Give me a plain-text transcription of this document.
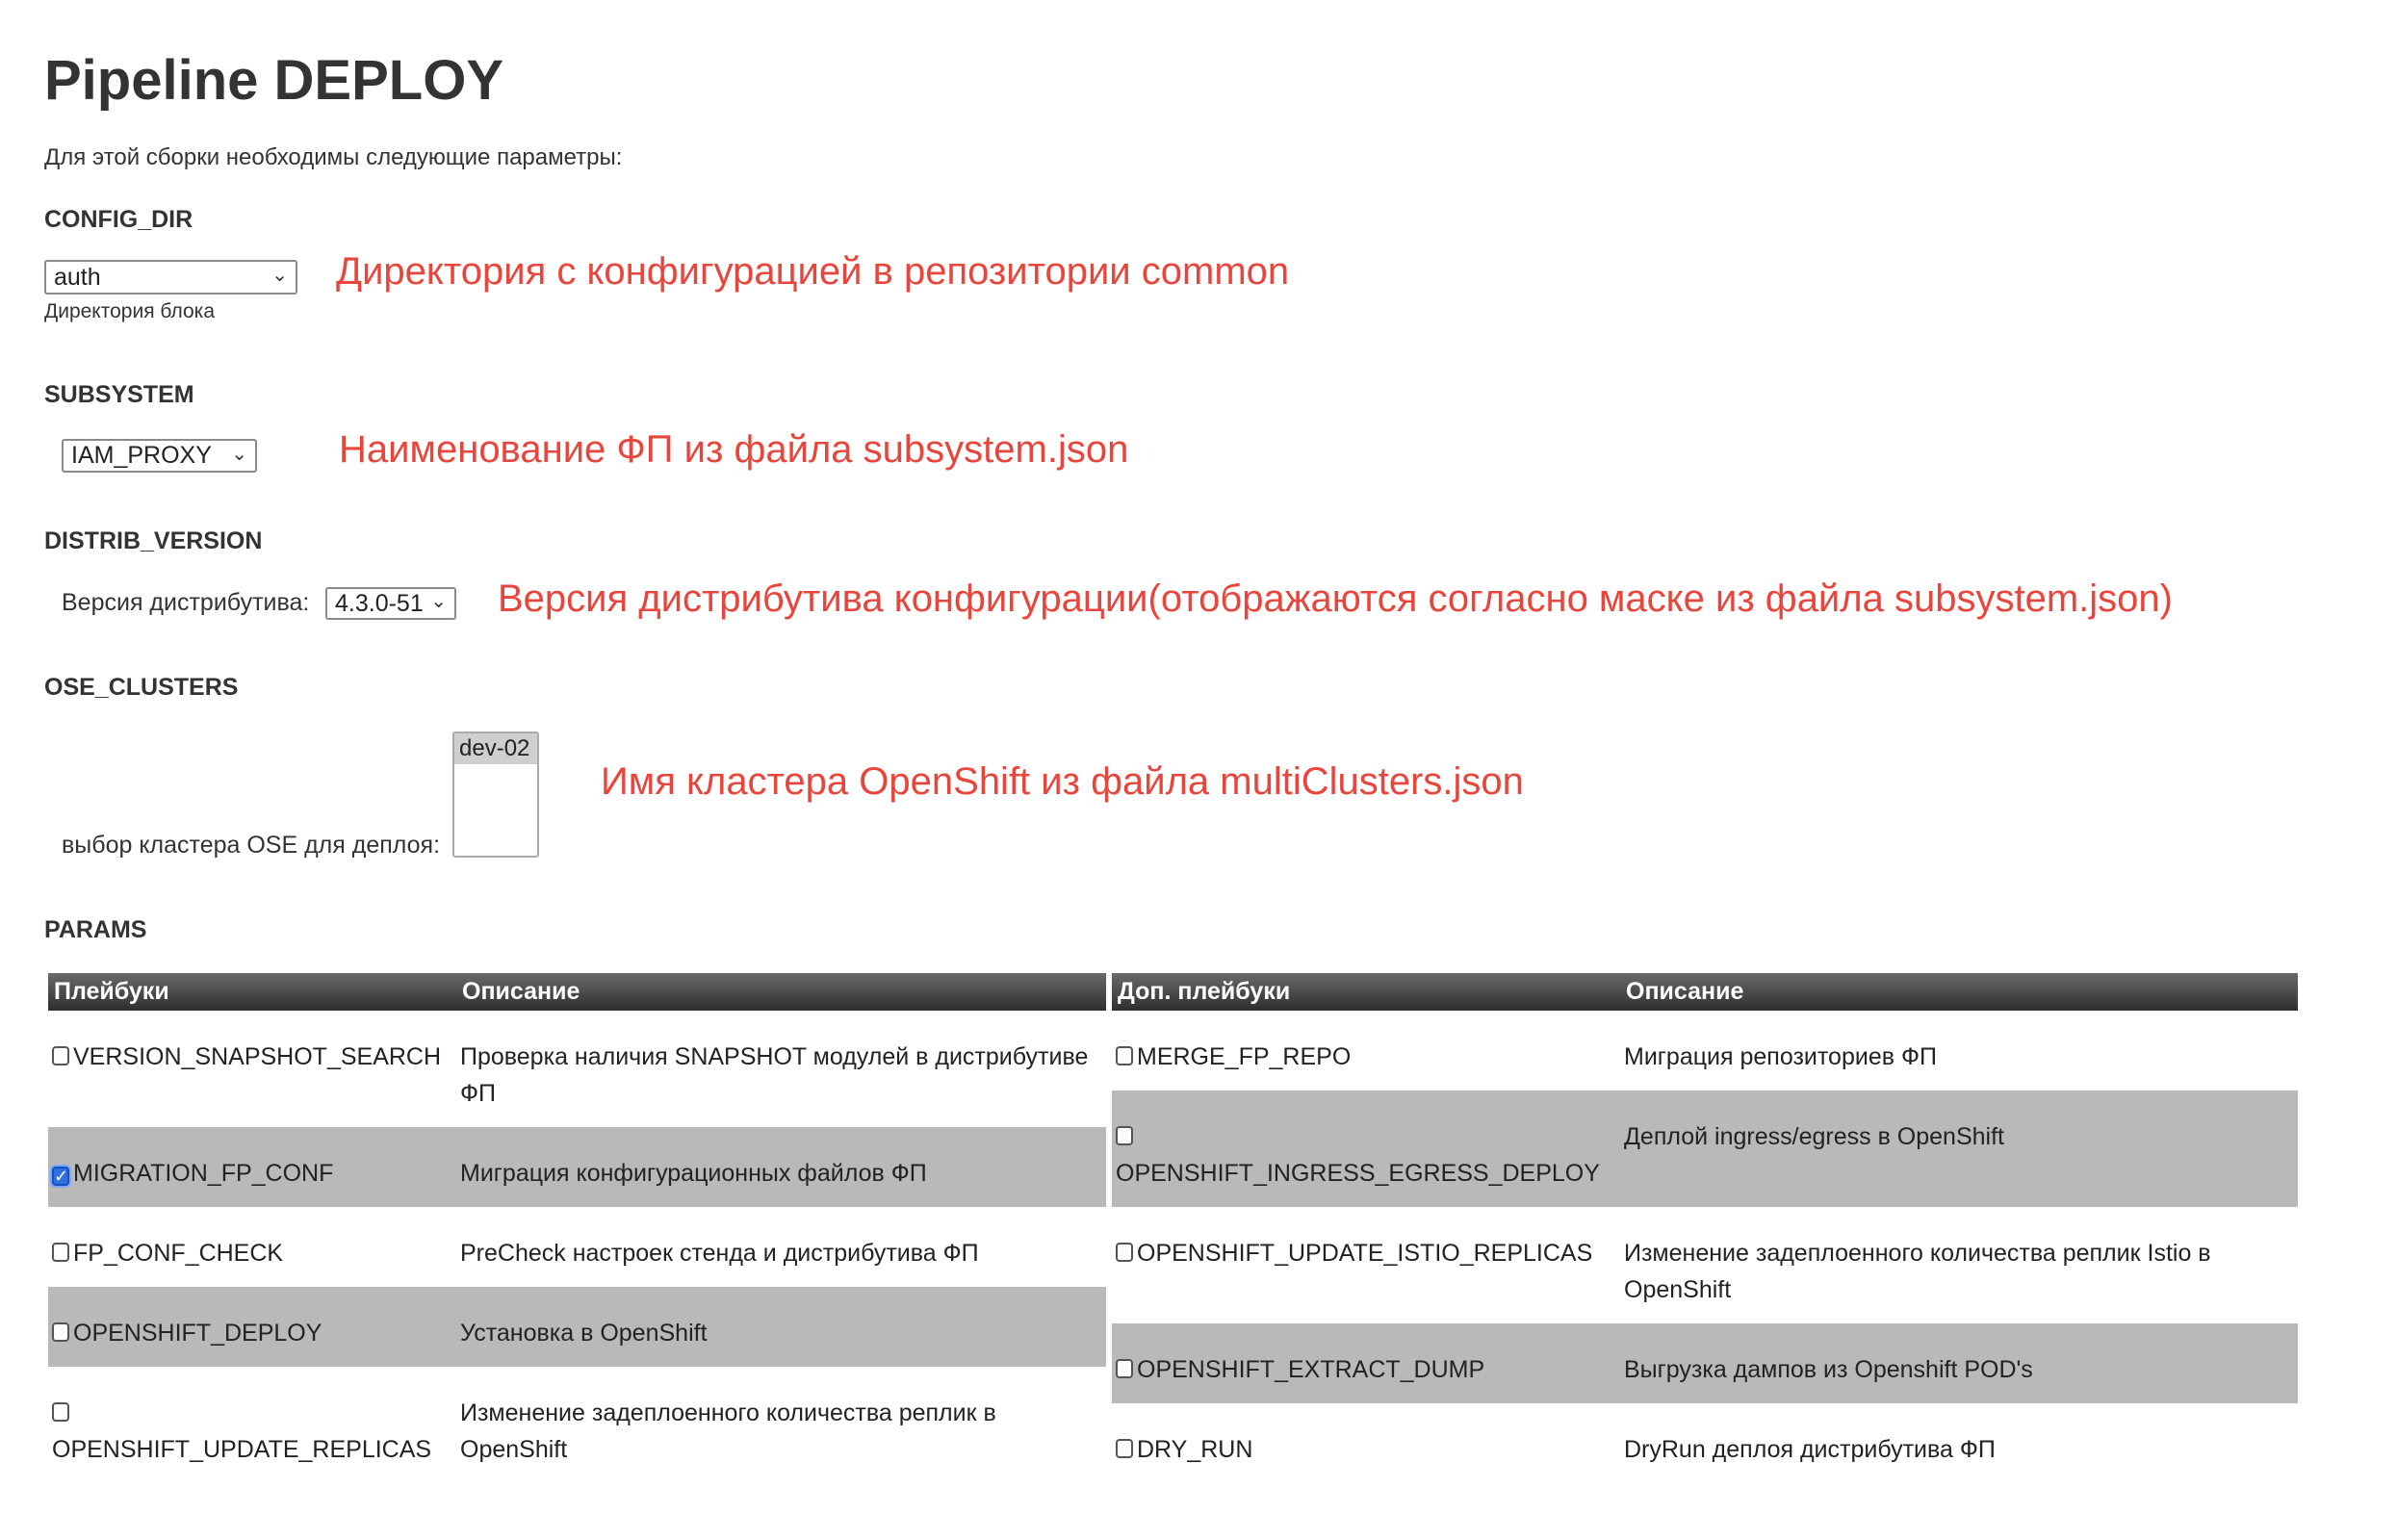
Pipeline DEPLOY
Для этой сборки необходимы следующие параметры:
CONFIG_DIR
auth	⌄
Директория блока
Директория с конфигурацией в репозитории common
SUBSYSTEM
IAM_PROXY ⌄ Наименование ФП из файла subsystem.json
DISTRIB_VERSION
Версия дистрибутива: 4.3.0-51 ⌄ Версия дистрибутива конфигурации(отображаются согласно маске из файла subsystem.json)
OSE_CLUSTERS
выбор кластера OSE для деплоя:
dev-02
Имя кластера OpenShift из файла multiClusters.json
PARAMS
Плейбуки	Описание
VERSION_SNAPSHOT_SEARCH	Проверка наличия SNAPSHOT модулей в дистрибутиве ФП
✓ MIGRATION_FP_CONF	Миграция конфигурационных файлов ФП
FP_CONF_CHECK	PreCheck настроек стенда и дистрибутива ФП
OPENSHIFT_DEPLOY	Установка в OpenShift

OPENSHIFT_UPDATE_REPLICAS	Изменение задеплоенного количества реплик в OpenShift
Доп. плейбуки	Описание
MERGE_FP_REPO	Миграция репозиториев ФП

OPENSHIFT_INGRESS_EGRESS_DEPLOY	Деплой ingress/egress в OpenShift
OPENSHIFT_UPDATE_ISTIO_REPLICAS	Изменение задеплоенного количества реплик Istio в OpenShift
OPENSHIFT_EXTRACT_DUMP	Выгрузка дампов из Openshift POD's
DRY_RUN	DryRun деплоя дистрибутива ФП
